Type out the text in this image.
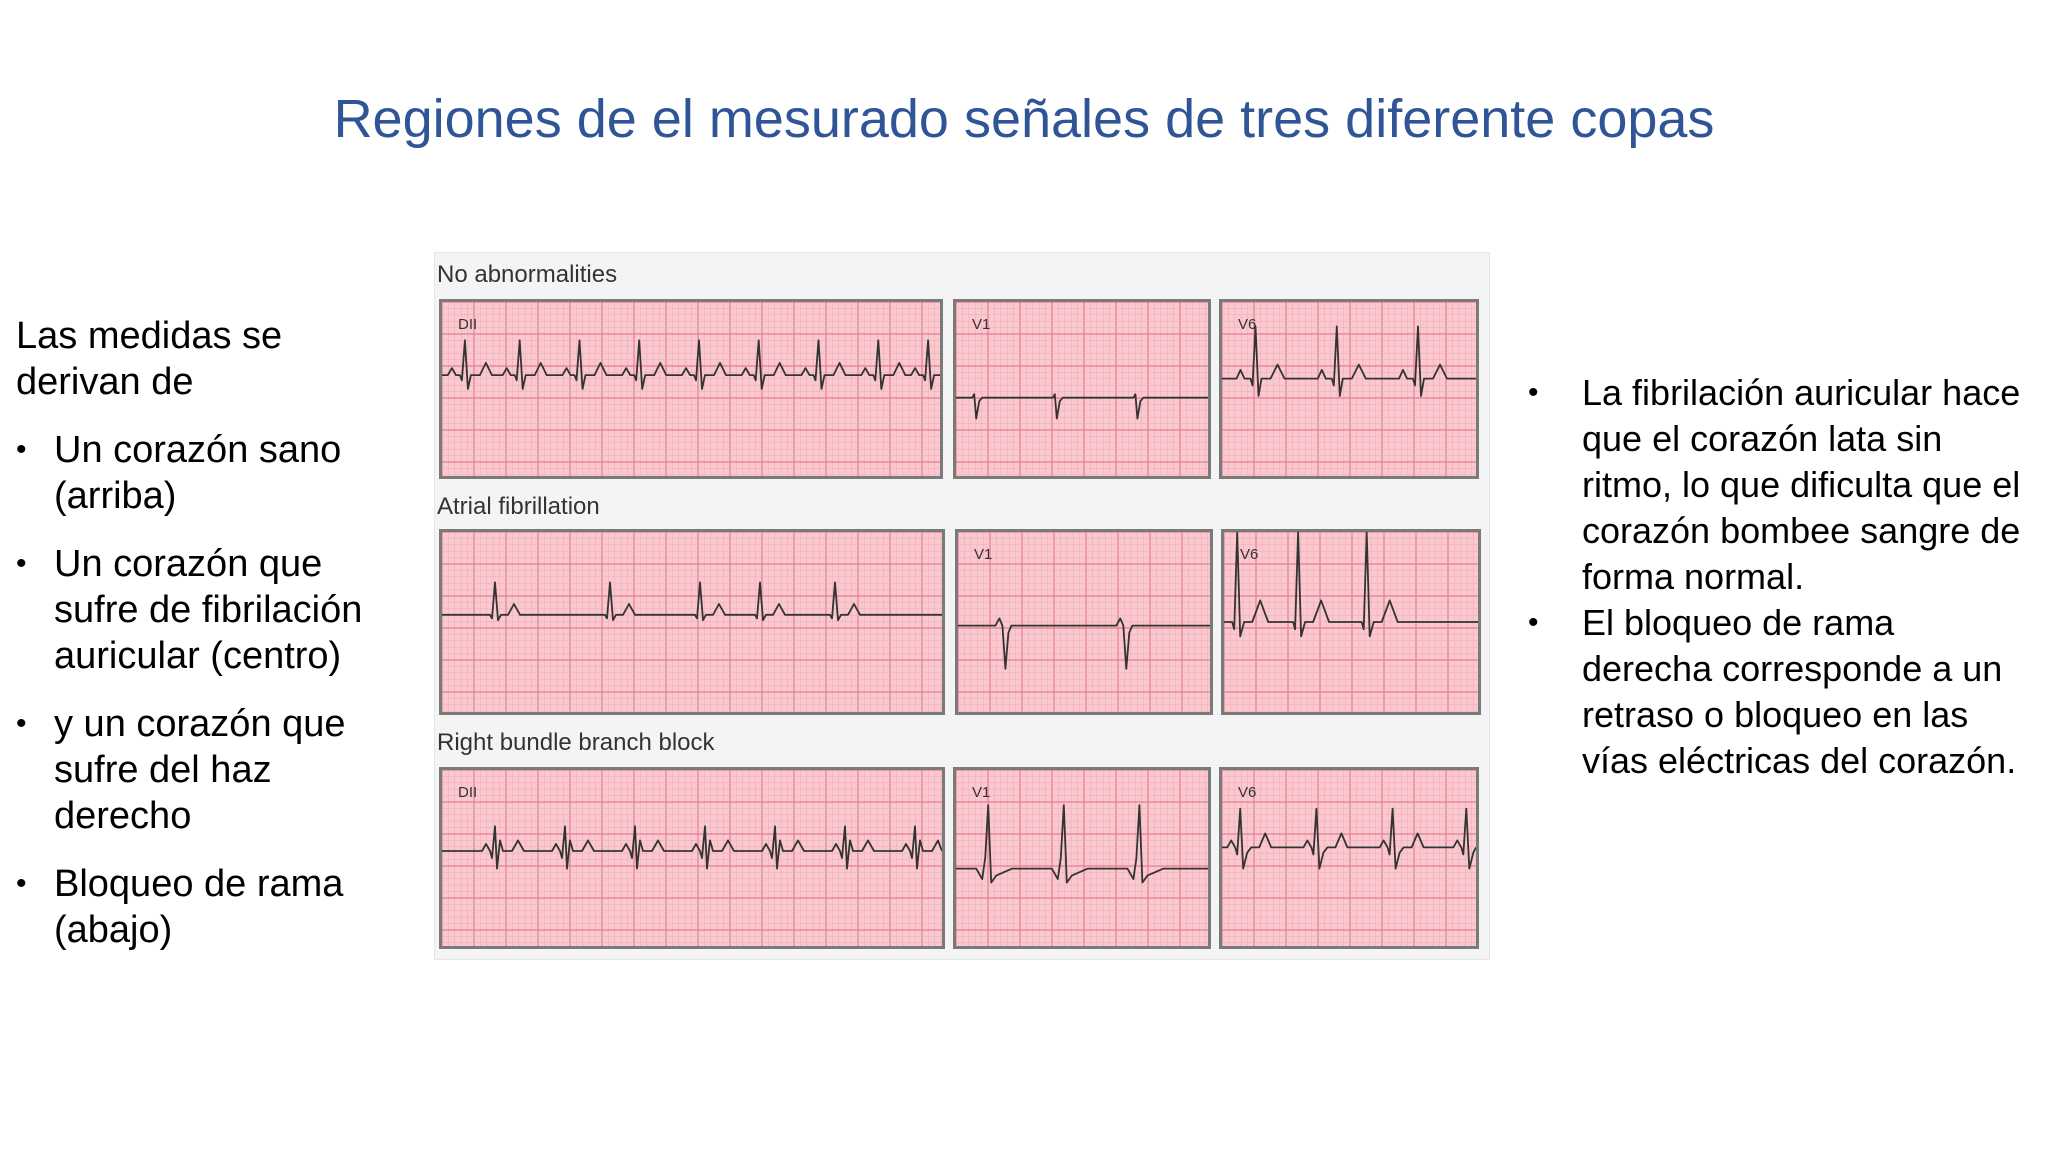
Regiones de el mesurado señales de tres diferente copas
Las medidas se derivan de
• Un corazón sano (arriba)
• Un corazón que sufre de fibrilación auricular (centro)
• y un corazón que sufre del haz derecho
• Bloqueo de rama (abajo)
No abnormalities
DII	V1	V6
Atrial fibrillation
V1	V6
Right bundle branch block
DII	V1	V6
• La fibrilación auricular hace que el corazón lata sin ritmo, lo que dificulta que el corazón bombee sangre de forma normal.
• El bloqueo de rama derecha corresponde a un retraso o bloqueo en las vías eléctricas del corazón.
